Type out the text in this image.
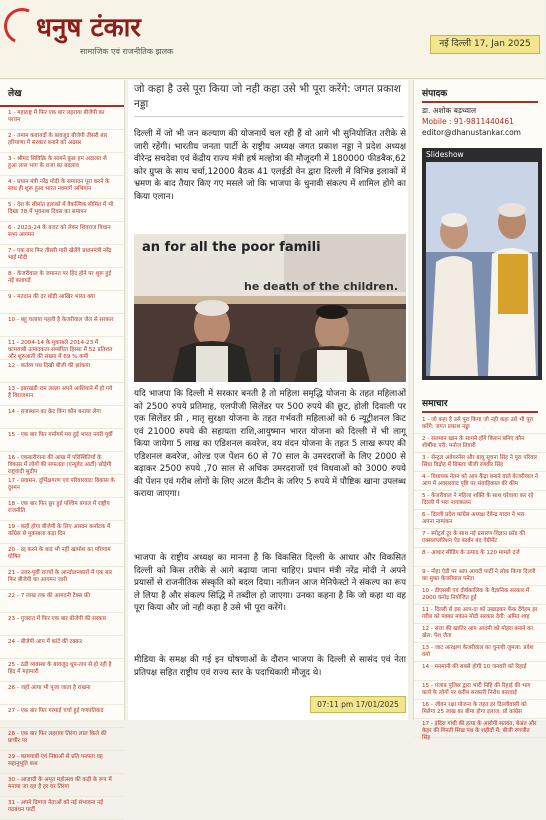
धनुष टंकार
सामाजिक एवं राजनीतिक झलक
नई दिल्ली 17, Jan 2025
लेख
1 - महाराष्ट्र में फिर एक बार लहराया बीजेपी का परचम
2 - तमाम कवायदों के बावजूद बीजेपी तीसरी बार हरियाणा में सरकार बनाने को अग्रसर
3 - श्रीमद सिविक्रि के सामने कुछ हम अदालत से हुआ लाल भाग के राजा का बदलाव
4 - प्रधान मंत्री नरेंद्र मोदी के सम्पादन पूरा करने के साथ ही शुरू हुआ भारत नवमार्ग अभियान
5 - देश के सीमांत इलाकों में वैकल्पिक सीमित में भी दिखा 78 में भूवनाथ दिवस का समापन
6 - 2023-24 के बजट को लेकर शिवराज विधान सभा आगमन
7 - एक बार फिर तीसरी पारी खेलेंगे प्रधानमंत्री नरेंद्र भाई मोदी
8 - केजरीवाल के जमानत पर हिंद होने पर शुरू हुई नई कवायदें
9 - मतदान की दर थोड़ी आखिर भारत क्या
10 - बहू चलाया पहली है केजरीवाल जेल से सरकार
11 - 2004-14 के मुकाबले 2014-23 में कामयाबी उत्पादकता-सम्बंधित हिस्सा में 52 प्रतिशत और शुरुआती की संख्या में 69 % कमी
12 - कर्तव्य पथ दिखी बीजी की झांकया
13 - झारखंडी राम लल्ला अपने आशियाने में हो गये हैं विराजमान
14 - राजस्थान का क्रेट किंग कौन बनाया लेगा
15 - एक बार फिर गर्मागर्म मय हुई भारत नगरी पूर्वी
16 - एकबारीगाना की आंख में परिस्थितियों के विकास में लोगों की सफलता (एन्यूवेद आर्टी) छोड़ेगी राष्ट्रवादी सुदीप
17 - प्रवासन, दुर्भिक्षगरण एवं परिवारवादः विकास के दुश्मन
18 - एक बार फिर छूर हुई पश्चिम बंगाल में राष्ट्रीय राजनीति
19 - कहीं होगा बीजेपी के लिए आसान कर्नाटक में काँग्रेस से मुकाबला कड़ा दिन
20 - रद्द करने के बाद भी नहीं खामोश का परिणाम घोषित
21 - उत्तर-पूर्वी राज्यों के आन्दोलनकारों में एक बार फिर बीजेपी का आगमन जारी
22 - 7 लाख तक की आमदनी टैक्स फ्री
23 - गुजरात में फिर एक बार बीजेपी की सरकार
24 - बीजेपी आप में कांटे की टक्कर
25 - ठंडी व्यवस्था के बावजूद धूप-ताप से हो रही है हिंद में महामारी
26 - जहाँ आया भी पूजा जाता है राखना
27 - एक बार फिर गरमाई चर्चा हुई गणपतिवाद
28 - एक बार फिर लहराया तिरंगा लाल किले की प्राचीर पर
29 - कामयाबी एवं निष्ठाओं से प्रति पनपता वह सहानुभूति कथ
30 - आजादी के अमृत महोत्सव की कड़ी के रूप में मनाया जा रहा है हर घर तिरंगा
31 - अपने दिग्गज नेताओं को नई संभावना नई गठबंधन पार्टी
जो कहा है उसे पूरा किया जो नही कहा उसे भी पूरा करेंगे: जगत प्रकाश नड्डा
दिल्ली में जो भी जन कल्याण की योजनायें चल रही हैं वो आगे भी सुनियोजित तरीके से जारी रहेंगी। भारतीय जनता पार्टी के राष्ट्रीय अध्यक्ष जगत प्रकाश नड्डा ने प्रदेश अध्यक्ष वीरेन्द्र सचदेवा एवं केंद्रीय राज्य मंत्री हर्ष मल्होत्रा की मौजूदगी में 180000 फीडबैक,62 कोर ग्रुप्स के साथ चर्चा,12000 बैठक 41 एलईडी वेन द्वारा दिल्ली में विभिन्न इलाकों में भ्रमण के बाद तैयार किए गए मसले जो कि भाजपा के चुनावी संकल्प में शामिल होंगे का किया एलान।
an for all the poor famili
he death of the children.
यदि भाजपा कि दिल्ली में सरकार बनती है तो महिला समृद्धि योजना के तहत महिलाओं को 2500 रुपये प्रतिमाह, एलपीजी सिलेंडर पर 500 रुपये की छूट, होली दिवाली पर एक सिलेंडर फ्री , मातृ सुरक्षा योजना के तहत गर्भवती महिलाओं को 6 न्यूट्रीशनल किट एवं 21000 रुपये की सहायता राशि,आयुष्मान भारत योजना को दिल्ली में भी लागू किया जायेगा 5 लाख का एडिशनल कवरेज, वय वंदन योजना के तहत 5 लाख रूपए की एडिशनल कवरेज, ओल्ड एज पेंशन 60 से 70 साल के उमरदराजों के लिए 2000 से बढ़ाकर 2500 रुपये ,70 साल से अधिक उमरदराजों एवं विधवाओं को 3000 रुपये की पेंशन एवं गरीब लोगों के लिए अटल कैंटीन के जरिए 5 रुपये में पौष्टिक खाना उपलब्ध कराया जाएगा।
भाजपा के राष्ट्रीय अध्यक्ष का मानना है कि विकसित दिल्ली के आधार और विकसित दिल्ली को किस तरीके से आगे बढ़ाया जाना चाहिए। प्रधान मंत्री नरेंद्र मोदी ने अपने प्रयासों से राजनीतिक संस्कृति को बदल दिया। नतीजन आज मेनिफेस्टो ने संकल्प का रूप ले लिया है और संकल्प सिद्धि में तब्दील हो जाएगा। उनका कहना है कि जो कहा था वह पूरा किया और जो नही कहा है उसे भी पूरा करेंगे।
मीडिया के समक्ष की गई इन घोषणाओं के दौरान भाजपा के दिल्ली से सासंद एवं नेता प्रतिपक्ष सहित राष्ट्रीय एवं राज्य स्तर के पदाधिकारी मौजूद थे।
07:11 pm 17/01/2025
संपादक
डा. अशोक बड़थ्वाल
Mobile : 91-9811440461
editor@dhanustankar.com
Slideshow
समाचार
1 - जो कहा है उसे पूरा किया जो नही कहा उसे भी पूरा करेंगे: जगत प्रकाश नड्डा
2 - सलमान खान के सामने होंगे किशन बनिए कौन शीर्षीया परी: मनोज तिवारी
3 - सेन्ट्रल अवेयरनेस और बायू सूचना सिंह ने पूरा परिवार सिंधा विद्रोह में ग्रिफ्ताः बीजी रणवीर सिंह
4 - विधायक नेतन को आप कैंद्रा बनाने वाले केजरीवाल ने आप में अवसरवाद पृष्टि पर संवाहिकाल की कीम
5 - केजरीवाल ने महिला शक्ति के साथ घरेवाया कर रहे दिल्ली में भरा नागाकलन
6 - दिल्ली प्रदेश कांग्रेस अध्यक्ष देवेन्द्र यादव ने भरा अपना नामांकन
7 - स्पोट्रर्स टूर के साथ नई प्रसारण-विज्ञान फ्रॉड की एक्सलप्लोरेशन ऐड कार्बन बंद ऐग्रीमेंट
8 - आधार सीडिंग के उत्पाद के 120 मामले दर्ज
9 - नोहा ऐडी पर आप आयटी पार्टी ने लोक किया दिल्ली का मुक्त केजरीवाल पनेता
10 - डीएसबी एवं दीर्घकालिक के वैज्ञानिक सरकार में 2000 करोड़ नियोजित हुई
11 - दिल्ली से इस आप-दा को उखाड़कर फेंक देंगेहम हर गरीब को पक्का मकान मोदी सरकार देगी: अमित शाह
12 - सत्ता की खातिर आप आदमी को मोहरा बनाने का खेल: पेश जैता
13 - जाट आरक्षण केजरीवाल का चुनावी जुमला: प्रवेश वर्मा
14 - मनमानी की सबसे होगी 10 जनवरी को रिहाई
15 - पंजाब पुलिस द्वारा भारी निहिं की रिहाई की भाग कार्य के लोगों पर करीब सरकारी निरोध कारवाई
16 - जीवन रक्षा योजना के तहत हर दिल्लीवासी को मिलेगा 25 लाख का बीमा होगा इलाज: प्रो कांग्रेस
17 - इंदिरा गांधी की हत्या के आरोपी सतवंत, बेअंत और केहर की गिनती सिख पंथ के शहीदों में: बीजी रणजीत सिंह
